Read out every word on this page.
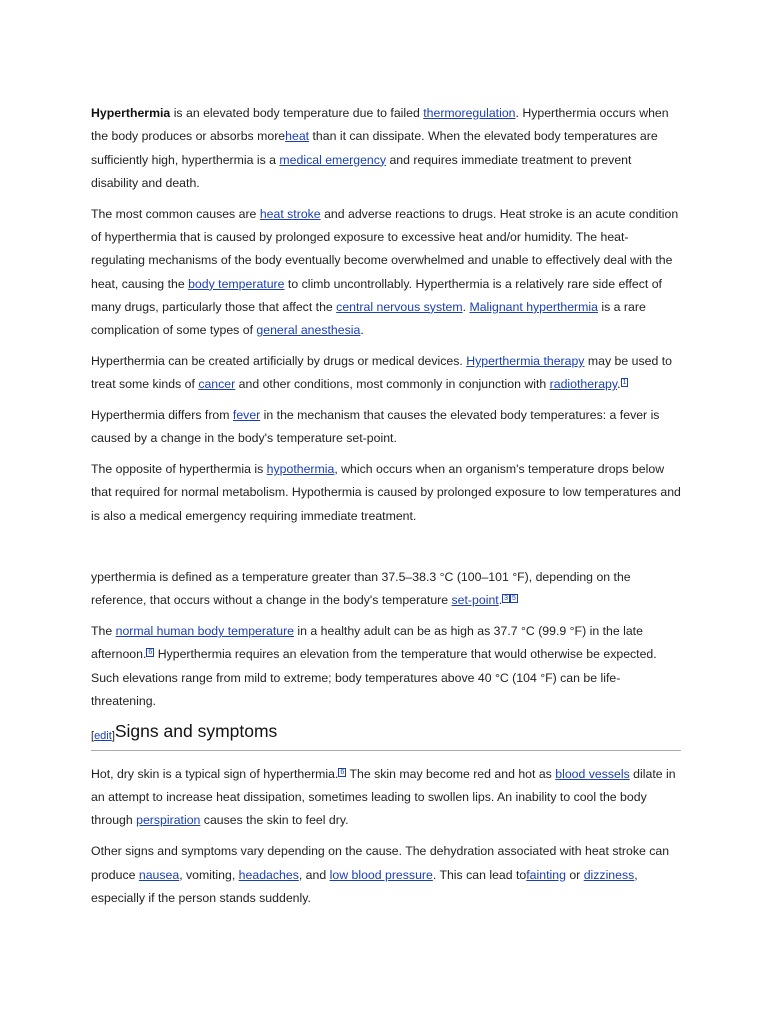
Hyperthermia is an elevated body temperature due to failed thermoregulation. Hyperthermia occurs when the body produces or absorbs moreheat than it can dissipate. When the elevated body temperatures are sufficiently high, hyperthermia is a medical emergency and requires immediate treatment to prevent disability and death.

The most common causes are heat stroke and adverse reactions to drugs. Heat stroke is an acute condition of hyperthermia that is caused by prolonged exposure to excessive heat and/or humidity. The heat-regulating mechanisms of the body eventually become overwhelmed and unable to effectively deal with the heat, causing the body temperature to climb uncontrollably. Hyperthermia is a relatively rare side effect of many drugs, particularly those that affect the central nervous system. Malignant hyperthermia is a rare complication of some types of general anesthesia.

Hyperthermia can be created artificially by drugs or medical devices. Hyperthermia therapy may be used to treat some kinds of cancer and other conditions, most commonly in conjunction with radiotherapy. $^1$

Hyperthermia differs from fever in the mechanism that causes the elevated body temperatures: a fever is caused by a change in the body's temperature set-point.

The opposite of hyperthermia is hypothermia, which occurs when an organism's temperature drops below that required for normal metabolism. Hypothermia is caused by prolonged exposure to low temperatures and is also a medical emergency requiring immediate treatment.

yperthermia is defined as a temperature greater than 37.5–38.3 °C (100–101 °F), depending on the reference, that occurs without a change in the body's temperature set-point. $^{3 5}$

The normal human body temperature in a healthy adult can be as high as 37.7 °C (99.9 °F) in the late afternoon. $^6$ Hyperthermia requires an elevation from the temperature that would otherwise be expected. Such elevations range from mild to extreme; body temperatures above 40 °C (104 °F) can be life-threatening.

[edit]Signs and symptoms

Hot, dry skin is a typical sign of hyperthermia. $^6$ The skin may become red and hot as blood vessels dilate in an attempt to increase heat dissipation, sometimes leading to swollen lips. An inability to cool the body through perspiration causes the skin to feel dry.

Other signs and symptoms vary depending on the cause. The dehydration associated with heat stroke can produce nausea, vomiting, headaches, and low blood pressure. This can lead tofainting or dizziness, especially if the person stands suddenly.
